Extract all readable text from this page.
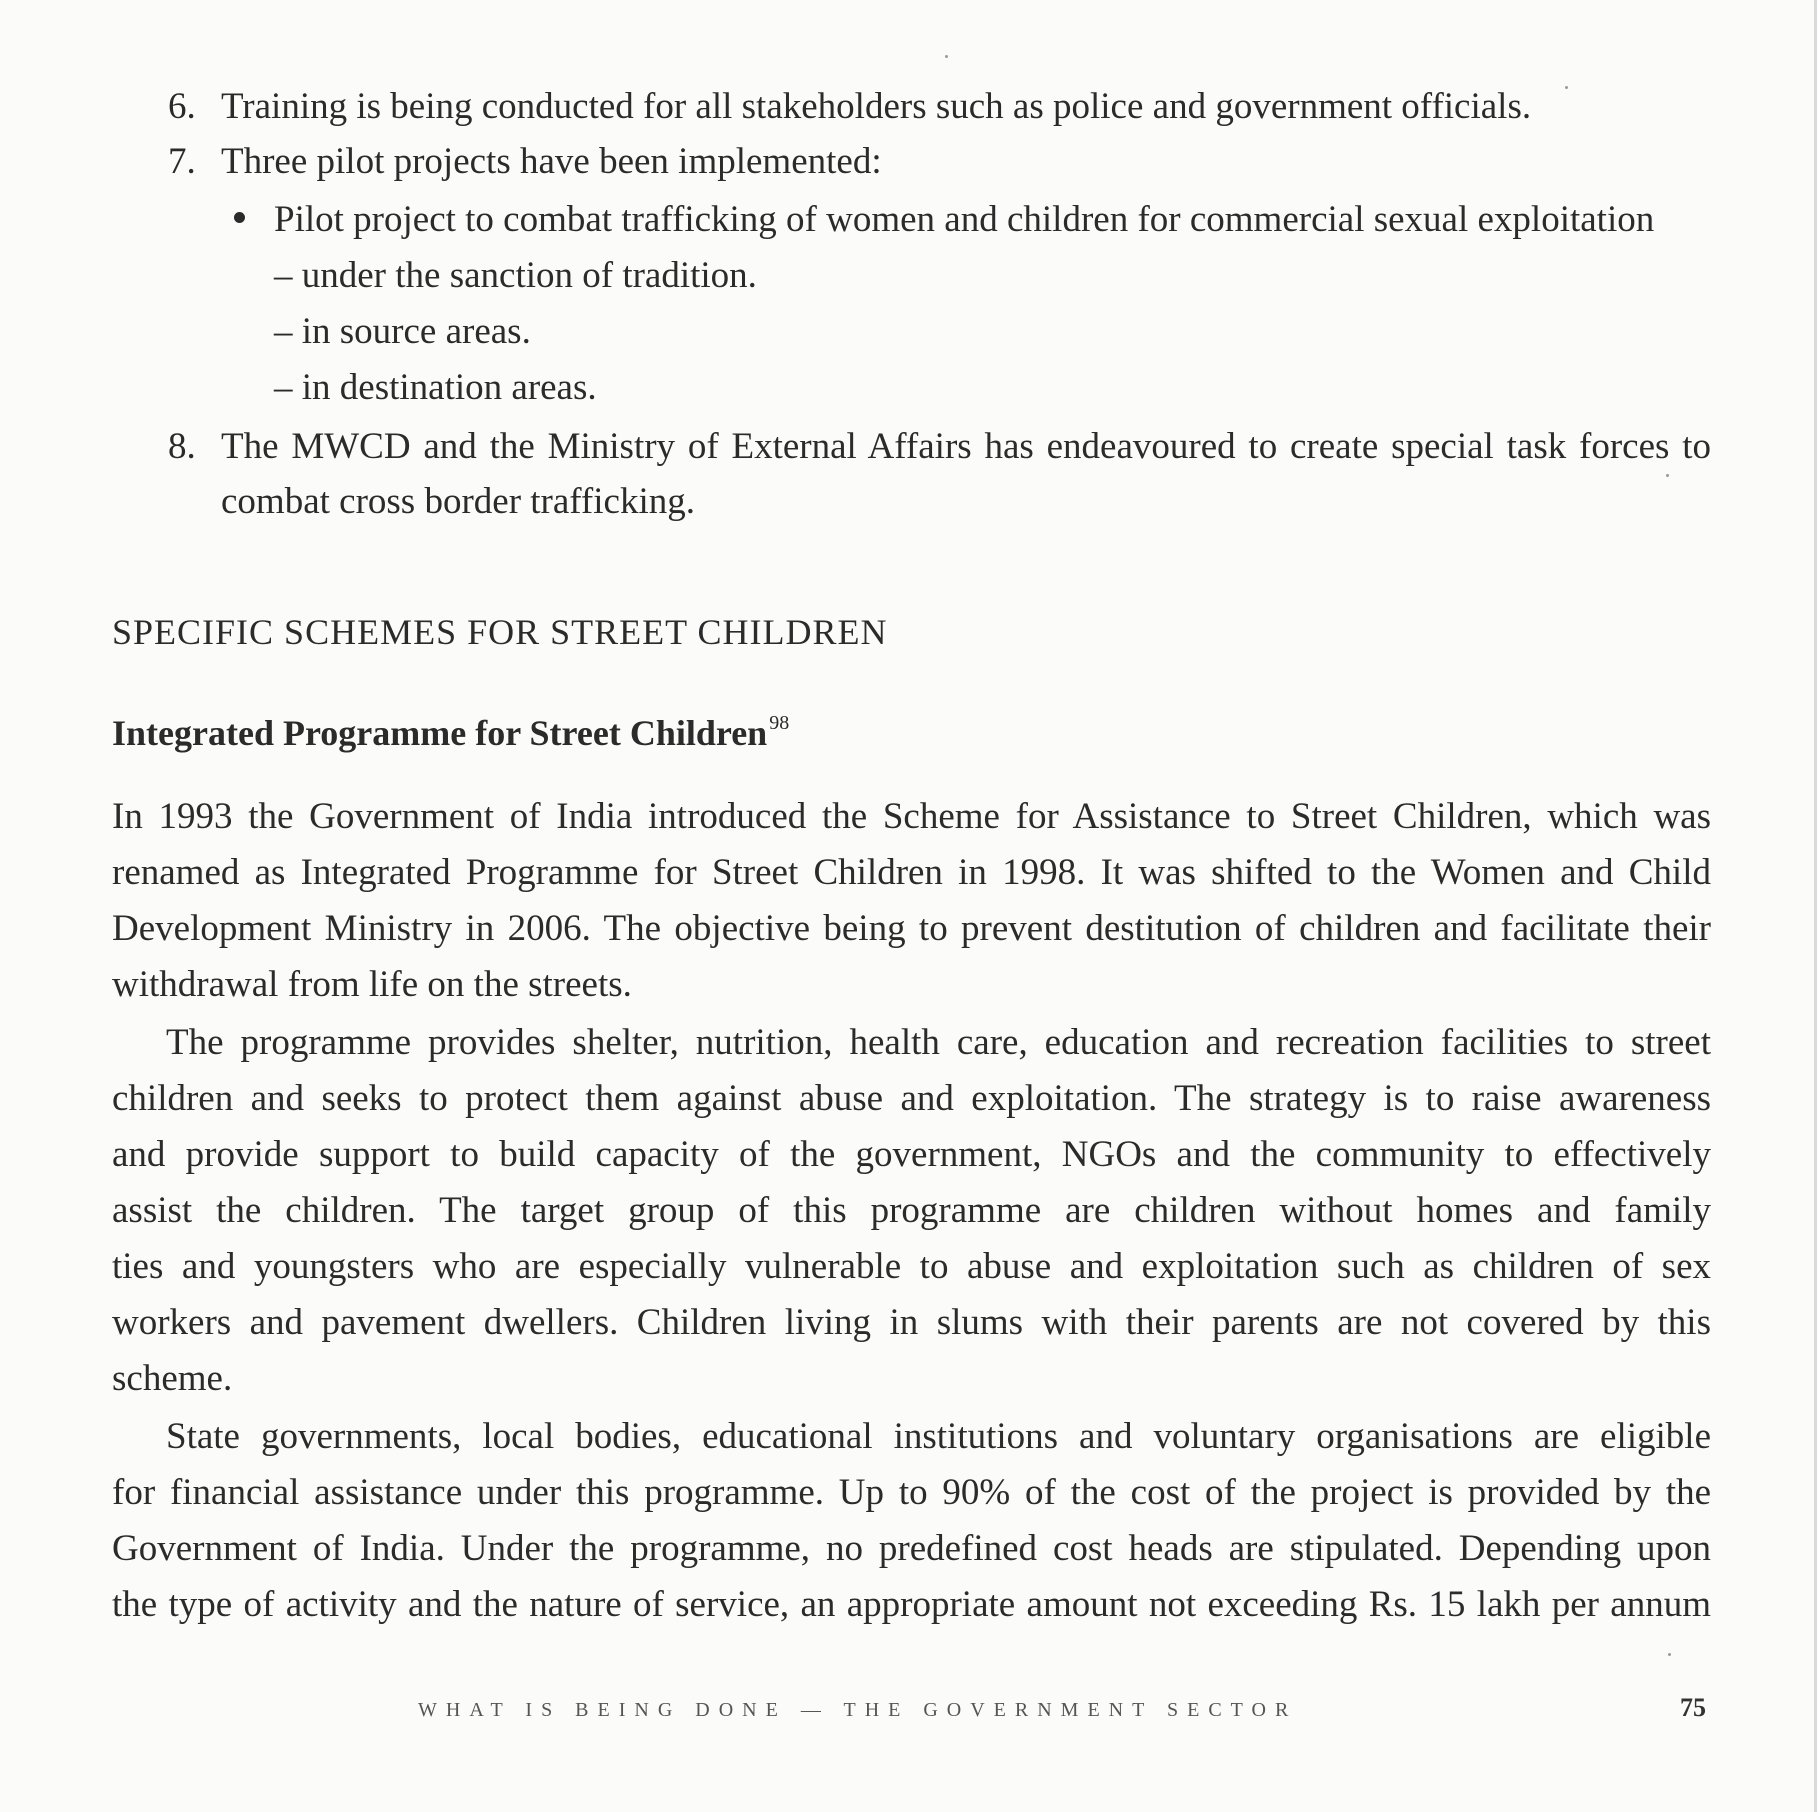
6. Training is being conducted for all stakeholders such as police and government officials.
7. Three pilot projects have been implemented:
Pilot project to combat trafficking of women and children for commercial sexual exploitation
– under the sanction of tradition.
– in source areas.
– in destination areas.
8. The MWCD and the Ministry of External Affairs has endeavoured to create special task forces to
combat cross border trafficking.
SPECIFIC SCHEMES FOR STREET CHILDREN
Integrated Programme for Street Children $^{98}$
In 1993 the Government of India introduced the Scheme for Assistance to Street Children, which was
renamed as Integrated Programme for Street Children in 1998. It was shifted to the Women and Child
Development Ministry in 2006. The objective being to prevent destitution of children and facilitate their
withdrawal from life on the streets.
The programme provides shelter, nutrition, health care, education and recreation facilities to street
children and seeks to protect them against abuse and exploitation. The strategy is to raise awareness
and provide support to build capacity of the government, NGOs and the community to effectively
assist the children. The target group of this programme are children without homes and family
ties and youngsters who are especially vulnerable to abuse and exploitation such as children of sex
workers and pavement dwellers. Children living in slums with their parents are not covered by this
scheme.
State governments, local bodies, educational institutions and voluntary organisations are eligible
for financial assistance under this programme. Up to 90% of the cost of the project is provided by the
Government of India. Under the programme, no predefined cost heads are stipulated. Depending upon
the type of activity and the nature of service, an appropriate amount not exceeding Rs. 15 lakh per annum
WHAT IS BEING DONE — THE GOVERNMENT SECTOR	75
